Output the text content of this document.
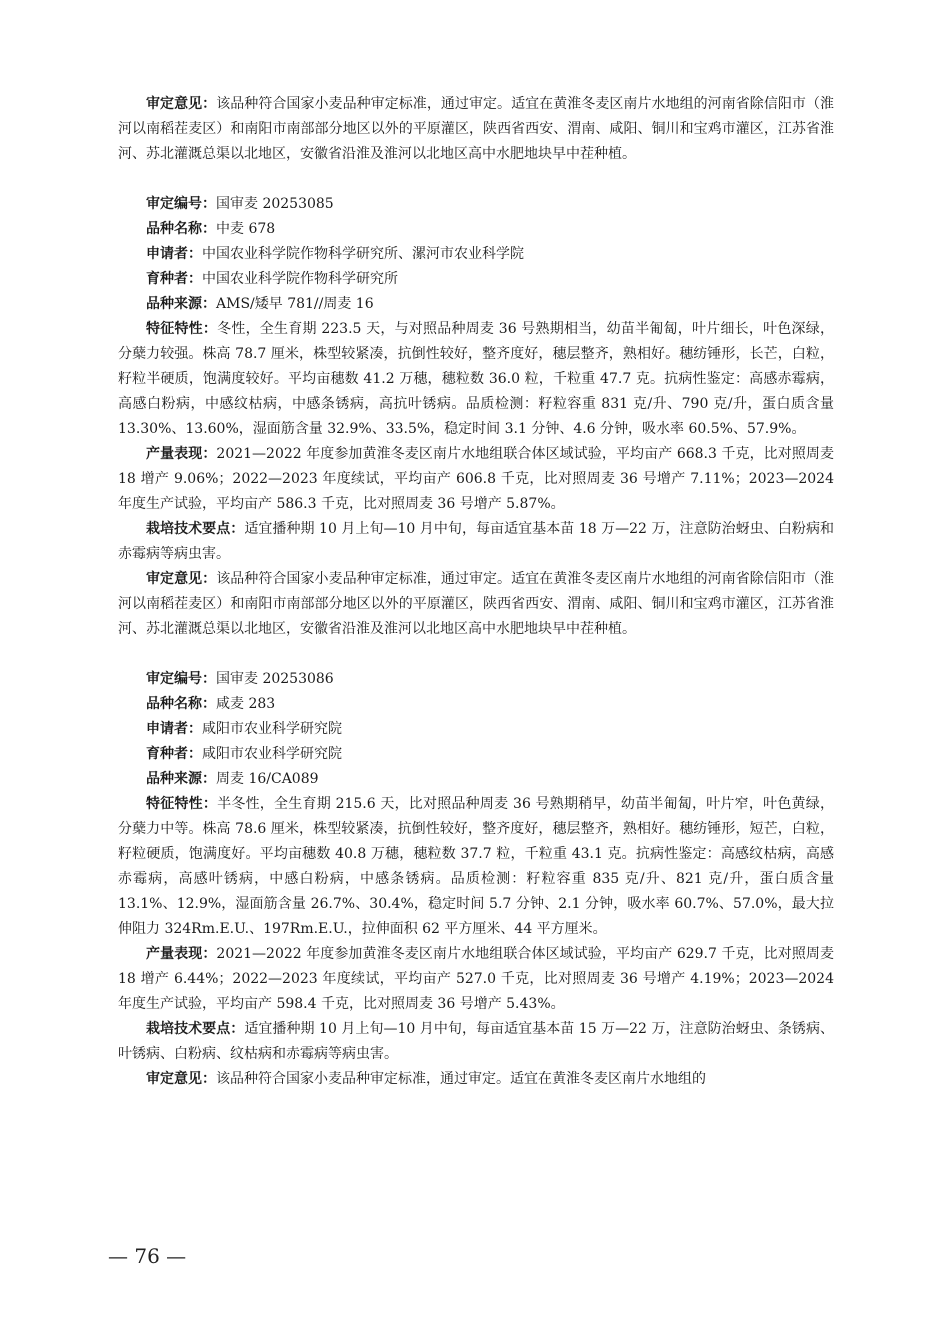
审定意见：该品种符合国家小麦品种审定标准，通过审定。适宜在黄淮冬麦区南片水地组的河南省除信阳市（淮河以南稻茬麦区）和南阳市南部部分地区以外的平原灌区，陕西省西安、渭南、咸阳、铜川和宝鸡市灌区，江苏省淮河、苏北灌溉总渠以北地区，安徽省沿淮及淮河以北地区高中水肥地块早中茬种植。

审定编号：国审麦 20253085

品种名称：中麦 678

申请者：中国农业科学院作物科学研究所、漯河市农业科学院

育种者：中国农业科学院作物科学研究所

品种来源：AMS/矮早 781//周麦 16

特征特性：冬性，全生育期 223.5 天，与对照品种周麦 36 号熟期相当，幼苗半匍匐，叶片细长，叶色深绿，分蘖力较强。株高 78.7 厘米，株型较紧凑，抗倒性较好，整齐度好，穗层整齐，熟相好。穗纺锤形，长芒，白粒，籽粒半硬质，饱满度较好。平均亩穗数 41.2 万穗，穗粒数 36.0 粒，千粒重 47.7 克。抗病性鉴定：高感赤霉病，高感白粉病，中感纹枯病，中感条锈病，高抗叶锈病。品质检测：籽粒容重 831 克/升、790 克/升，蛋白质含量 13.30%、13.60%，湿面筋含量 32.9%、33.5%，稳定时间 3.1 分钟、4.6 分钟，吸水率 60.5%、57.9%。

产量表现：2021—2022 年度参加黄淮冬麦区南片水地组联合体区域试验，平均亩产 668.3 千克，比对照周麦 18 增产 9.06%；2022—2023 年度续试，平均亩产 606.8 千克，比对照周麦 36 号增产 7.11%；2023—2024 年度生产试验，平均亩产 586.3 千克，比对照周麦 36 号增产 5.87%。

栽培技术要点：适宜播种期 10 月上旬—10 月中旬，每亩适宜基本苗 18 万—22 万，注意防治蚜虫、白粉病和赤霉病等病虫害。

审定意见：该品种符合国家小麦品种审定标准，通过审定。适宜在黄淮冬麦区南片水地组的河南省除信阳市（淮河以南稻茬麦区）和南阳市南部部分地区以外的平原灌区，陕西省西安、渭南、咸阳、铜川和宝鸡市灌区，江苏省淮河、苏北灌溉总渠以北地区，安徽省沿淮及淮河以北地区高中水肥地块早中茬种植。

审定编号：国审麦 20253086

品种名称：咸麦 283

申请者：咸阳市农业科学研究院

育种者：咸阳市农业科学研究院

品种来源：周麦 16/CA089

特征特性：半冬性，全生育期 215.6 天，比对照品种周麦 36 号熟期稍早，幼苗半匍匐，叶片窄，叶色黄绿，分蘖力中等。株高 78.6 厘米，株型较紧凑，抗倒性较好，整齐度好，穗层整齐，熟相好。穗纺锤形，短芒，白粒，籽粒硬质，饱满度好。平均亩穗数 40.8 万穗，穗粒数 37.7 粒，千粒重 43.1 克。抗病性鉴定：高感纹枯病，高感赤霉病，高感叶锈病，中感白粉病，中感条锈病。品质检测：籽粒容重 835 克/升、821 克/升，蛋白质含量 13.1%、12.9%，湿面筋含量 26.7%、30.4%，稳定时间 5.7 分钟、2.1 分钟，吸水率 60.7%、57.0%，最大拉伸阻力 324Rm.E.U.、197Rm.E.U.，拉伸面积 62 平方厘米、44 平方厘米。

产量表现：2021—2022 年度参加黄淮冬麦区南片水地组联合体区域试验，平均亩产 629.7 千克，比对照周麦 18 增产 6.44%；2022—2023 年度续试，平均亩产 527.0 千克，比对照周麦 36 号增产 4.19%；2023—2024 年度生产试验，平均亩产 598.4 千克，比对照周麦 36 号增产 5.43%。

栽培技术要点：适宜播种期 10 月上旬—10 月中旬，每亩适宜基本苗 15 万—22 万，注意防治蚜虫、条锈病、叶锈病、白粉病、纹枯病和赤霉病等病虫害。

审定意见：该品种符合国家小麦品种审定标准，通过审定。适宜在黄淮冬麦区南片水地组的

— 76 —
